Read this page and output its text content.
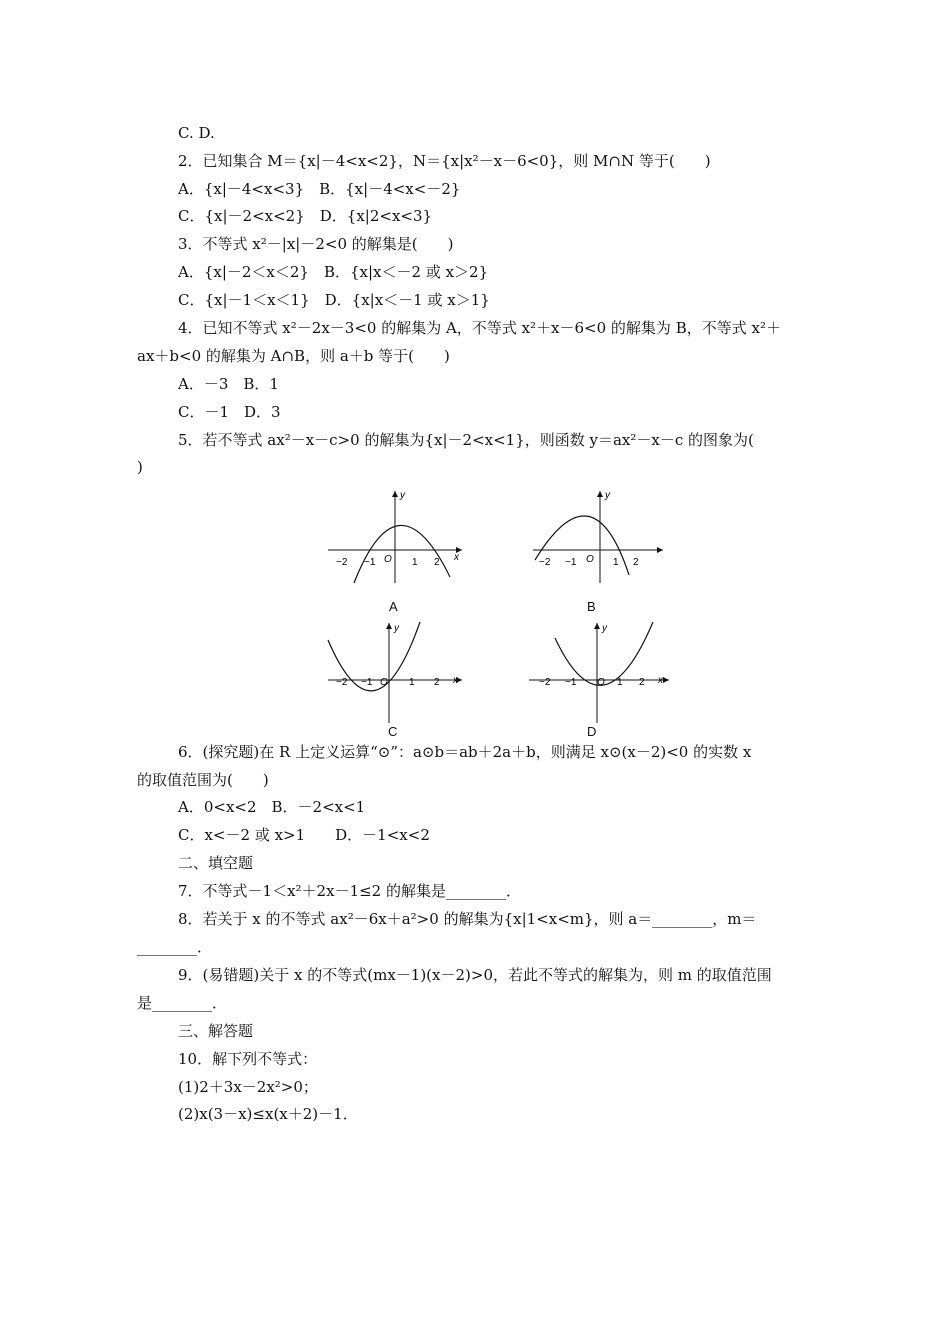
C. D.
2．已知集合 M＝{x|－4<x<2}，N＝{x|x²－x－6<0}，则 M∩N 等于(　　)
A．{x|－4<x<3}　B．{x|－4<x<－2}
C．{x|－2<x<2}　D．{x|2<x<3}
3．不等式 x²－|x|－2<0 的解集是(　　)
A．{x|－2＜x＜2}　B．{x|x＜－2 或 x＞2}
C．{x|－1＜x＜1}　D．{x|x＜－1 或 x＞1}
4．已知不等式 x²－2x－3<0 的解集为 A，不等式 x²＋x－6<0 的解集为 B，不等式 x²＋
ax＋b<0 的解集为 A∩B，则 a＋b 等于(　　)
A．－3　B．1
C．－1　D．3
5．若不等式 ax²－x－c>0 的解集为{x|－2<x<1}，则函数 y＝ax²－x－c 的图象为(
)
y
x
O
−2 −1	1 2
A
y
O
−2 −1	1 2
B
y
x
O
−2 −1	1 2
C
y
x
O
−2 −1	1 2
D
6．(探究题)在 R 上定义运算“⊙”：a⊙b＝ab＋2a＋b，则满足 x⊙(x－2)<0 的实数 x
的取值范围为(　　)
A．0<x<2　B．－2<x<1
C．x<－2 或 x>1　　D．－1<x<2
二、填空题
7．不等式－1＜x²＋2x－1≤2 的解集是________．
8．若关于 x 的不等式 ax²－6x＋a²>0 的解集为{x|1<x<m}，则 a＝________，m＝
________．
9．(易错题)关于 x 的不等式(mx－1)(x－2)>0，若此不等式的解集为，则 m 的取值范围
是________．
三、解答题
10．解下列不等式：
(1)2＋3x－2x²>0；
(2)x(3－x)≤x(x＋2)－1．
